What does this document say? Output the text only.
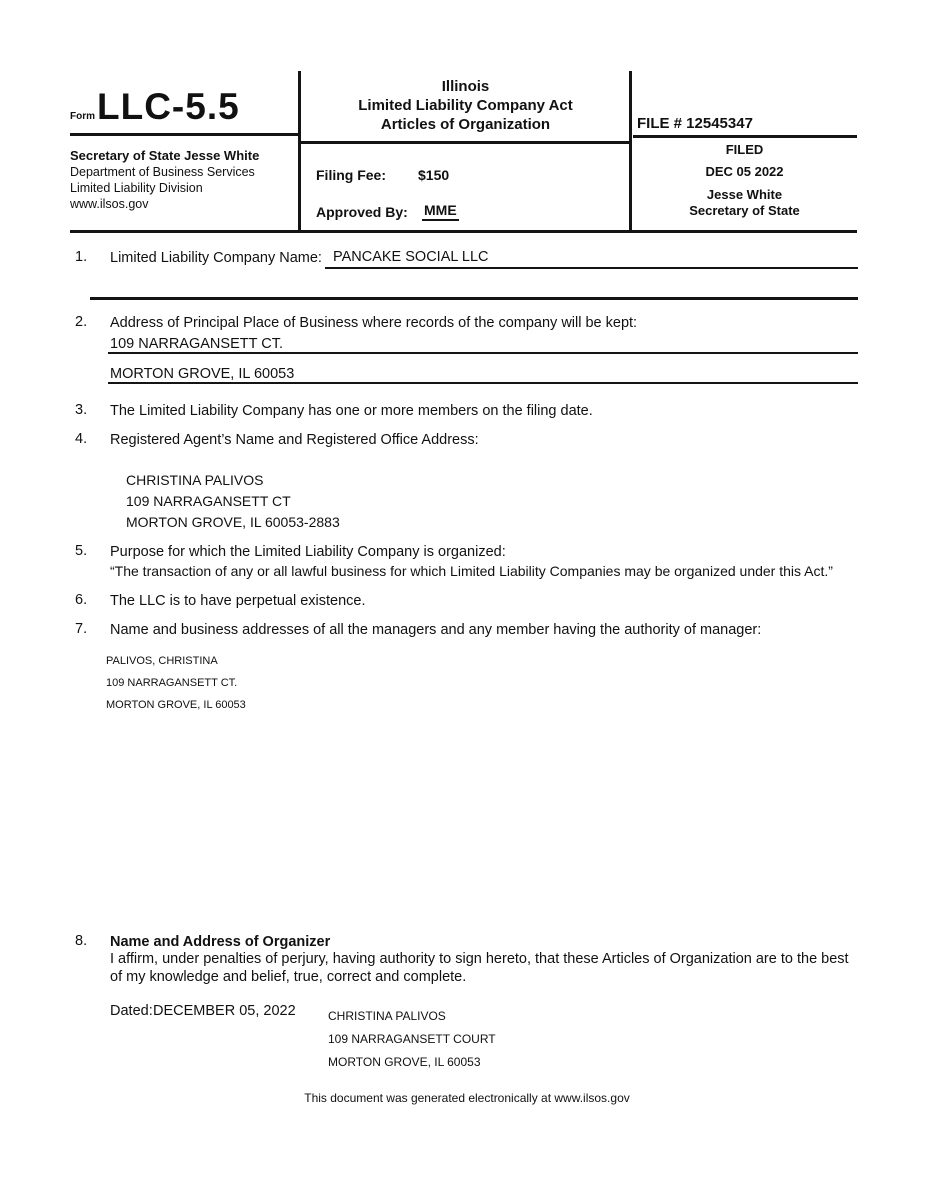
Form LLC-5.5
Secretary of State Jesse White
Department of Business Services
Limited Liability Division
www.ilsos.gov
Illinois
Limited Liability Company Act
Articles of Organization
Filing Fee: $150
Approved By: MME
FILE # 12545347
FILED
DEC 05 2022
Jesse White
Secretary of State
1. Limited Liability Company Name: PANCAKE SOCIAL LLC
2. Address of Principal Place of Business where records of the company will be kept:
109 NARRAGANSETT CT.
MORTON GROVE, IL 60053
3. The Limited Liability Company has one or more members on the filing date.
4. Registered Agent’s Name and Registered Office Address:
CHRISTINA PALIVOS
109 NARRAGANSETT CT
MORTON GROVE, IL 60053-2883
5. Purpose for which the Limited Liability Company is organized:
“The transaction of any or all lawful business for which Limited Liability Companies may be organized under this Act.”
6. The LLC is to have perpetual existence.
7. Name and business addresses of all the managers and any member having the authority of manager:
PALIVOS, CHRISTINA
109 NARRAGANSETT CT.
MORTON GROVE, IL 60053
8. Name and Address of Organizer
I affirm, under penalties of perjury, having authority to sign hereto, that these Articles of Organization are to the best of my knowledge and belief, true, correct and complete.
Dated: DECEMBER 05, 2022	CHRISTINA PALIVOS
109 NARRAGANSETT COURT
MORTON GROVE, IL 60053
This document was generated electronically at www.ilsos.gov
